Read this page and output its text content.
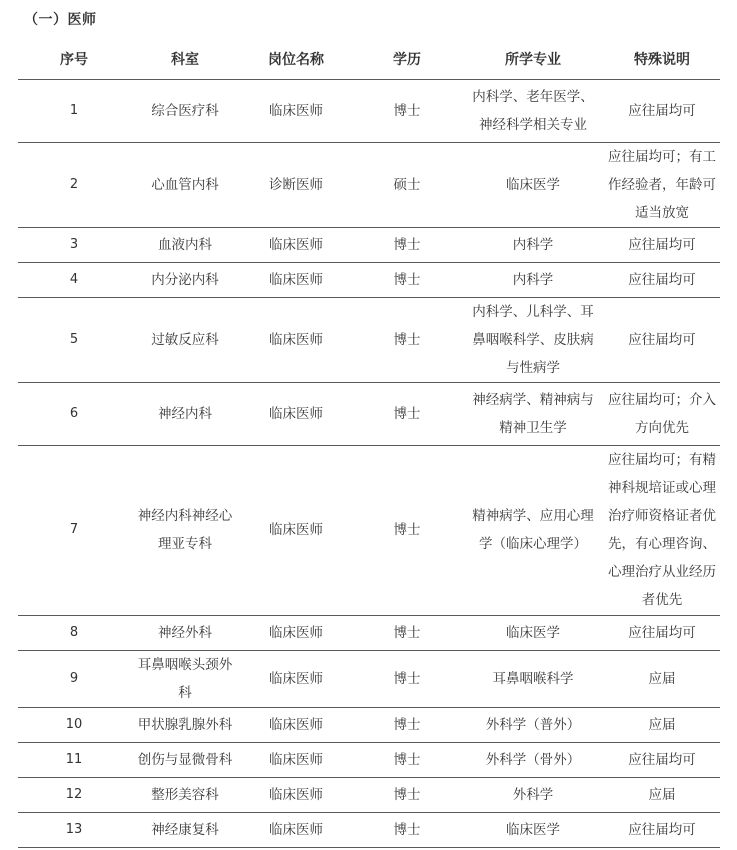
（一）医师
序号	科室	岗位名称	学历	所学专业	特殊说明
1	综合医疗科	临床医师	博士	内科学、老年医学、神经科学相关专业	应往届均可
2	心血管内科	诊断医师	硕士	临床医学	应往届均可；有工作经验者，年龄可适当放宽
3	血液内科	临床医师	博士	内科学	应往届均可
4	内分泌内科	临床医师	博士	内科学	应往届均可
5	过敏反应科	临床医师	博士	内科学、儿科学、耳鼻咽喉科学、皮肤病与性病学	应往届均可
6	神经内科	临床医师	博士	神经病学、精神病与精神卫生学	应往届均可；介入方向优先
7	神经内科神经心理亚专科	临床医师	博士	精神病学、应用心理学（临床心理学）	应往届均可；有精神科规培证或心理治疗师资格证者优先，有心理咨询、心理治疗从业经历者优先
8	神经外科	临床医师	博士	临床医学	应往届均可
9	耳鼻咽喉头颈外科	临床医师	博士	耳鼻咽喉科学	应届
10	甲状腺乳腺外科	临床医师	博士	外科学（普外）	应届
11	创伤与显微骨科	临床医师	博士	外科学（骨外）	应往届均可
12	整形美容科	临床医师	博士	外科学	应届
13	神经康复科	临床医师	博士	临床医学	应往届均可
